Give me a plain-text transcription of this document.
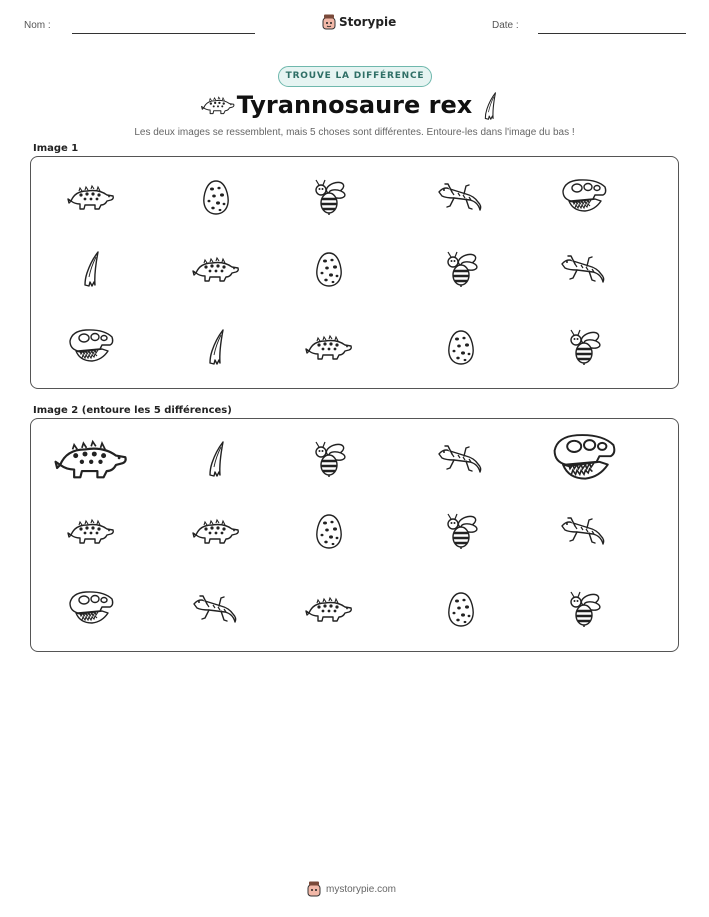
Nom :	Storypie	Date :
TROUVE LA DIFFÉRENCE
Tyrannosaure rex
Les deux images se ressemblent, mais 5 choses sont différentes. Entoure-les dans l'image du bas !
Image 1
Image 2 (entoure les 5 différences)
mystorypie.com
